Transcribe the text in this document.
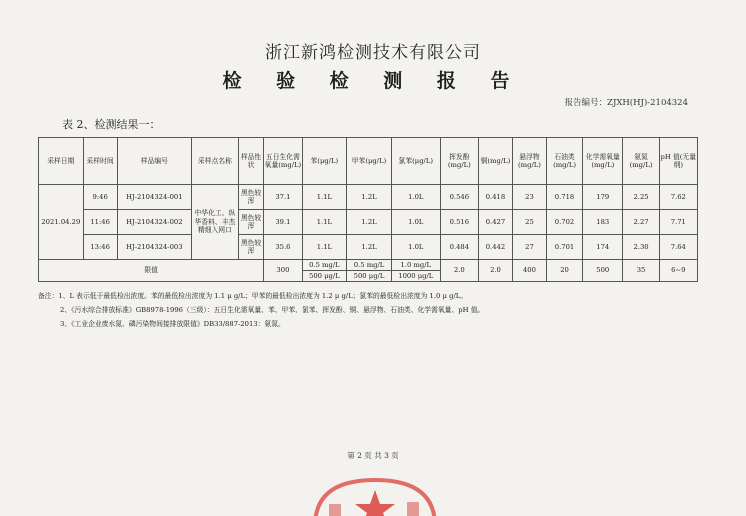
浙江新鸿检测技术有限公司
检 验 检 测 报 告
报告编号：ZJXH(HJ)-2104324
表 2、检测结果一：
采样日期	采样时间	样品编号	采样点名称	样品性状	五日生化需氧量(mg/L)	苯(μg/L)	甲苯(μg/L)	氯苯(μg/L)	挥发酚(mg/L)	铜(mg/L)	悬浮物(mg/L)	石油类(mg/L)	化学需氧量(mg/L)	氨氮(mg/L)	pH 值(无量纲)
2021.04.29	9:46	HJ-2104324-001	中华化工、纵华香料、丰杰精细入网口	黑色较浑	37.1	1.1L	1.2L	1.0L	0.546	0.418	23	0.718	179	2.25	7.62
	11:46	HJ-2104324-002		黑色较浑	39.1	1.1L	1.2L	1.0L	0.516	0.427	25	0.702	183	2.27	7.71
	13:46	HJ-2104324-003		黑色较浑	35.6	1.1L	1.2L	1.0L	0.484	0.442	27	0.701	174	2.30	7.64
限值					300	0.5 mg/L	0.5 mg/L	1.0 mg/L	2.0	2.0	400	20	500	35	6~9
						500 μg/L	500 μg/L	1000 μg/L							
备注：1、L 表示低于最低检出浓度。苯的最低检出浓度为 1.1 μ g/L；甲苯的最低检出浓度为 1.2 μ g/L；氯苯的最低检出浓度为 1.0 μ g/L。
2、《污水综合排放标准》GB8978-1996（三级）：五日生化需氧量、苯、甲苯、氯苯、挥发酚、铜、悬浮物、石油类、化学需氧量、pH 值。
3、《工业企业废水氮、磷污染物间接排放限值》DB33/887-2013：氨氮。
第 2 页 共 3 页
